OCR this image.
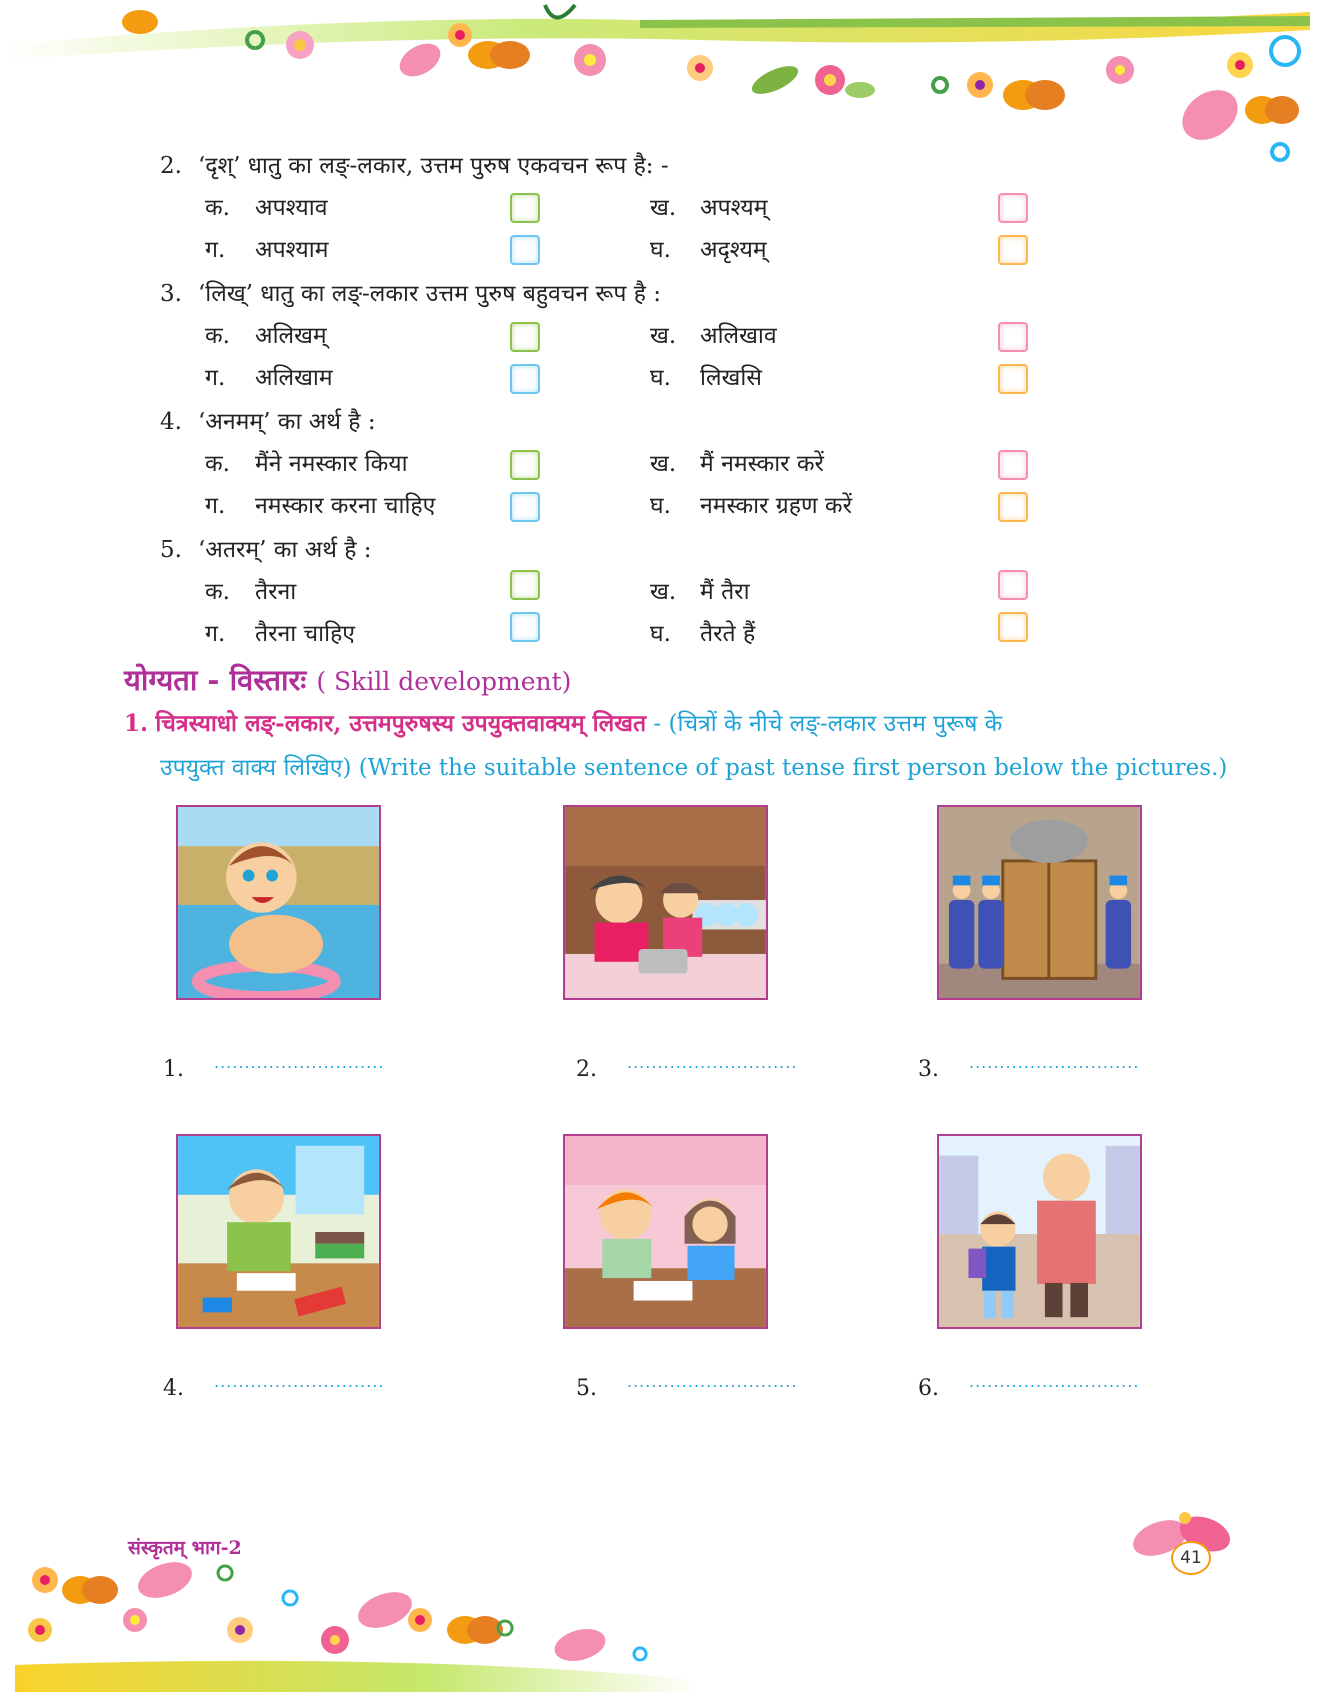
2. ‘दृश्’ धातु का लङ्-लकार, उत्तम पुरुष एकवचन रूप है: -
क. अपश्याव	ख. अपश्यम्
ग. अपश्याम	घ. अदृश्यम्
3. ‘लिख्’ धातु का लङ्-लकार उत्तम पुरुष बहुवचन रूप है :
क. अलिखम्	ख. अलिखाव
ग. अलिखाम	घ. लिखसि
4. ‘अनमम्’ का अर्थ है :
क. मैंने नमस्कार किया	ख. मैं नमस्कार करें
ग. नमस्कार करना चाहिए	घ. नमस्कार ग्रहण करें
5. ‘अतरम्’ का अर्थ है :
क. तैरना	ख. मैं तैरा
ग. तैरना चाहिए	घ. तैरते हैं
योग्यता - विस्तारः ( Skill development)
1. चित्रस्याधो लङ्-लकार, उत्तमपुरुषस्य उपयुक्तवाक्यम् लिखत - (चित्रों के नीचे लङ्-लकार उत्तम पुरूष के
उपयुक्त वाक्य लिखिए) (Write the suitable sentence of past tense first person below the pictures.)
1. ............................	2. ............................	3. ............................
4. ............................	5. ............................	6. ............................
संस्कृतम् भाग-2	41
